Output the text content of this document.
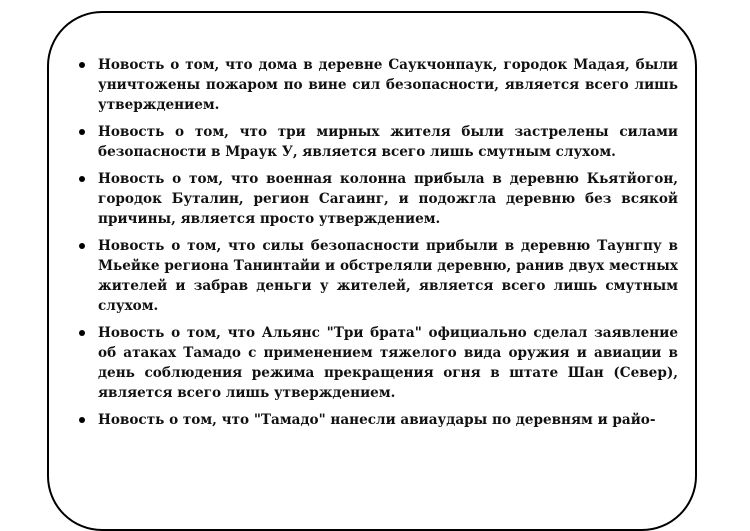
Новость о том, что дома в деревне Саукчонпаук, городок Мадая, были уничтожены пожаром по вине сил безопасности, является всего лишь утверждением.
Новость о том, что три мирных жителя были застрелены силами безопасности в Мраук У, является всего лишь смутным слухом.
Новость о том, что военная колонна прибыла в деревню Кьятйогон, городок Буталин, регион Сагаинг, и подожгла деревню без всякой причины, является просто утверждением.
Новость о том, что силы безопасности прибыли в деревню Таунгпу в Мьейке региона Танинтайи и обстреляли деревню, ранив двух местных жителей и забрав деньги у жителей, является всего лишь смутным слухом.
Новость о том, что Альянс "Три брата" официально сделал заявление об атаках Тамадо с применением тяжелого вида оружия и авиации в день соблюдения режима прекращения огня в штате Шан (Север), является всего лишь утверждением.
Новость о том, что "Тамадо" нанесли авиаудары по деревням и райо-
